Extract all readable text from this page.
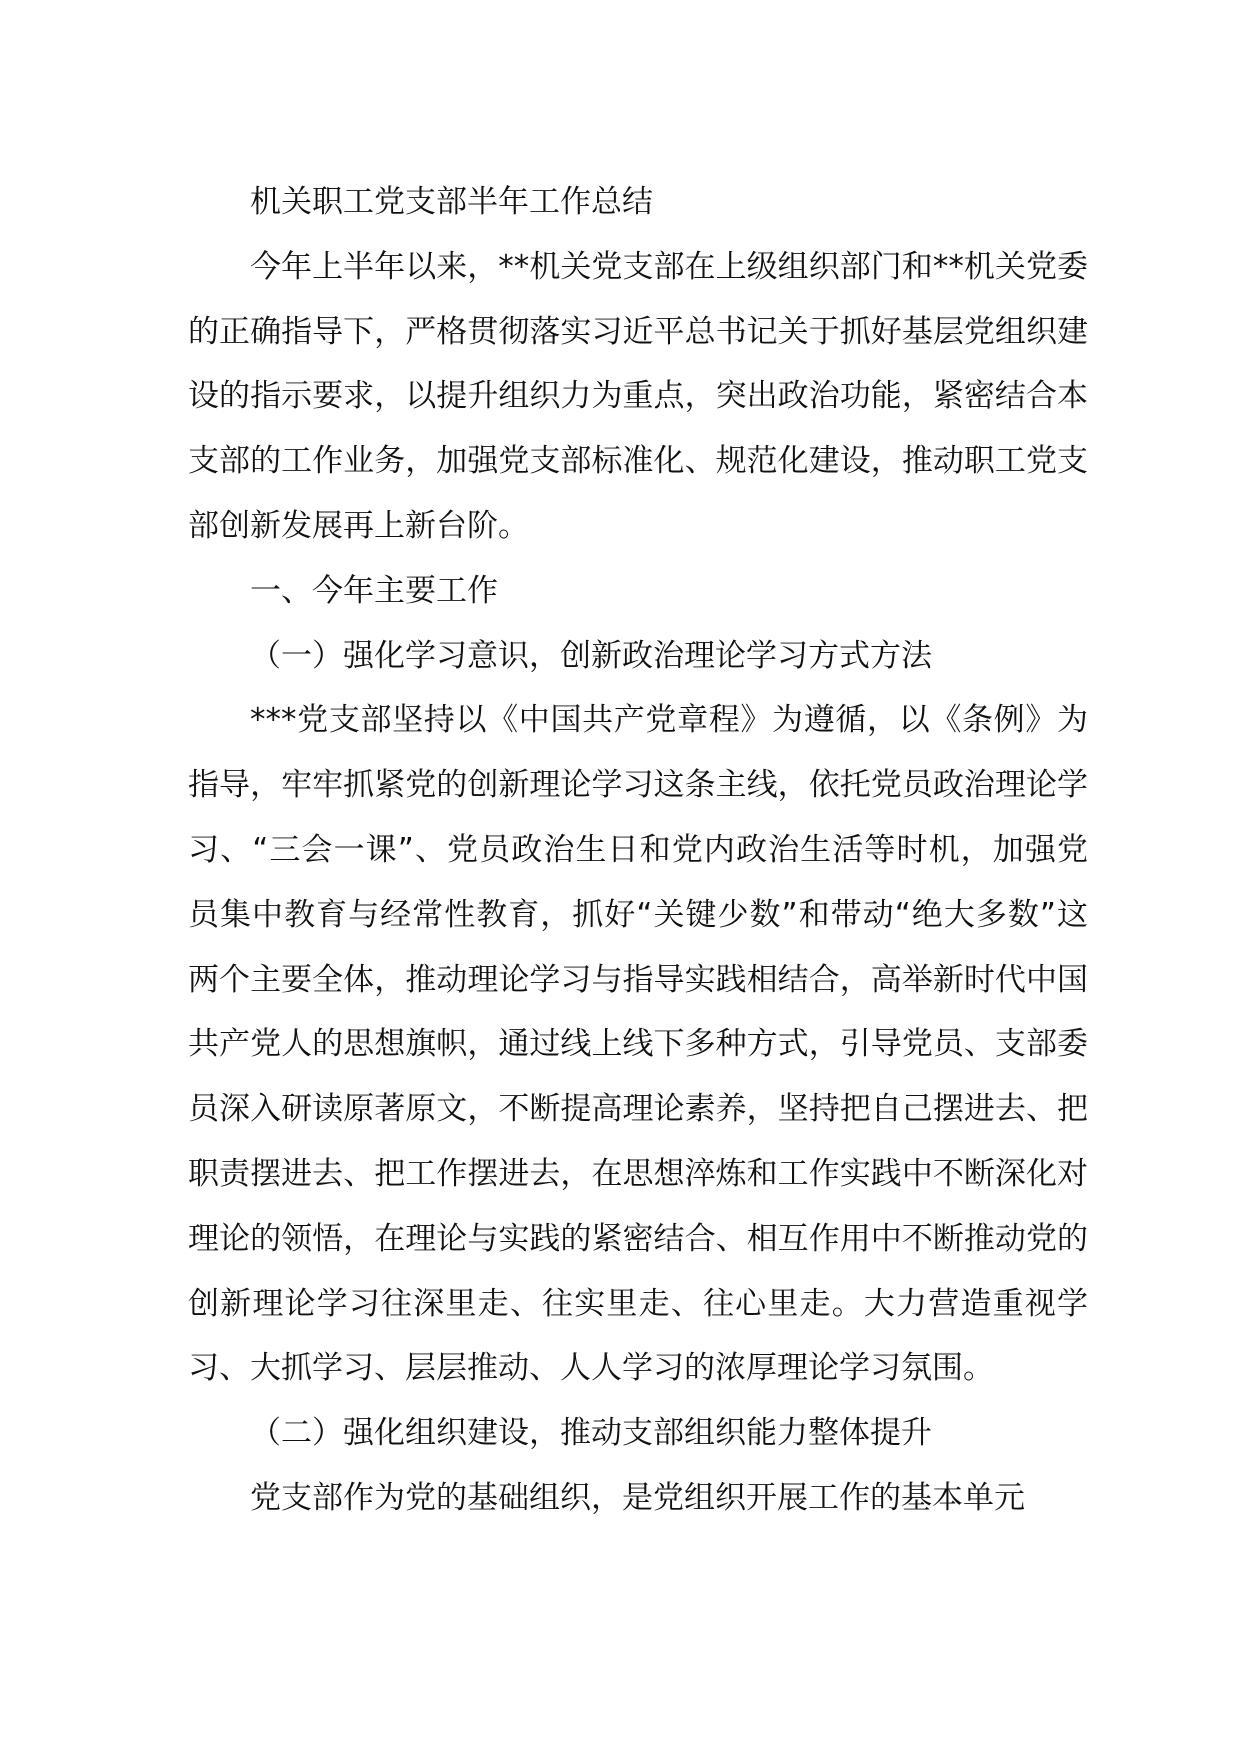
机关职工党支部半年工作总结

今年上半年以来，**机关党支部在上级组织部门和**机关党委的正确指导下，严格贯彻落实习近平总书记关于抓好基层党组织建设的指示要求，以提升组织力为重点，突出政治功能，紧密结合本支部的工作业务，加强党支部标准化、规范化建设，推动职工党支部创新发展再上新台阶。

一、今年主要工作

（一）强化学习意识，创新政治理论学习方式方法

***党支部坚持以《中国共产党章程》为遵循，以《条例》为指导，牢牢抓紧党的创新理论学习这条主线，依托党员政治理论学习、“三会一课”、党员政治生日和党内政治生活等时机，加强党员集中教育与经常性教育，抓好“关键少数”和带动“绝大多数”这两个主要全体，推动理论学习与指导实践相结合，高举新时代中国共产党人的思想旗帜，通过线上线下多种方式，引导党员、支部委员深入研读原著原文，不断提高理论素养，坚持把自己摆进去、把职责摆进去、把工作摆进去，在思想淬炼和工作实践中不断深化对理论的领悟，在理论与实践的紧密结合、相互作用中不断推动党的创新理论学习往深里走、往实里走、往心里走。大力营造重视学习、大抓学习、层层推动、人人学习的浓厚理论学习氛围。

（二）强化组织建设，推动支部组织能力整体提升

党支部作为党的基础组织，是党组织开展工作的基本单元
